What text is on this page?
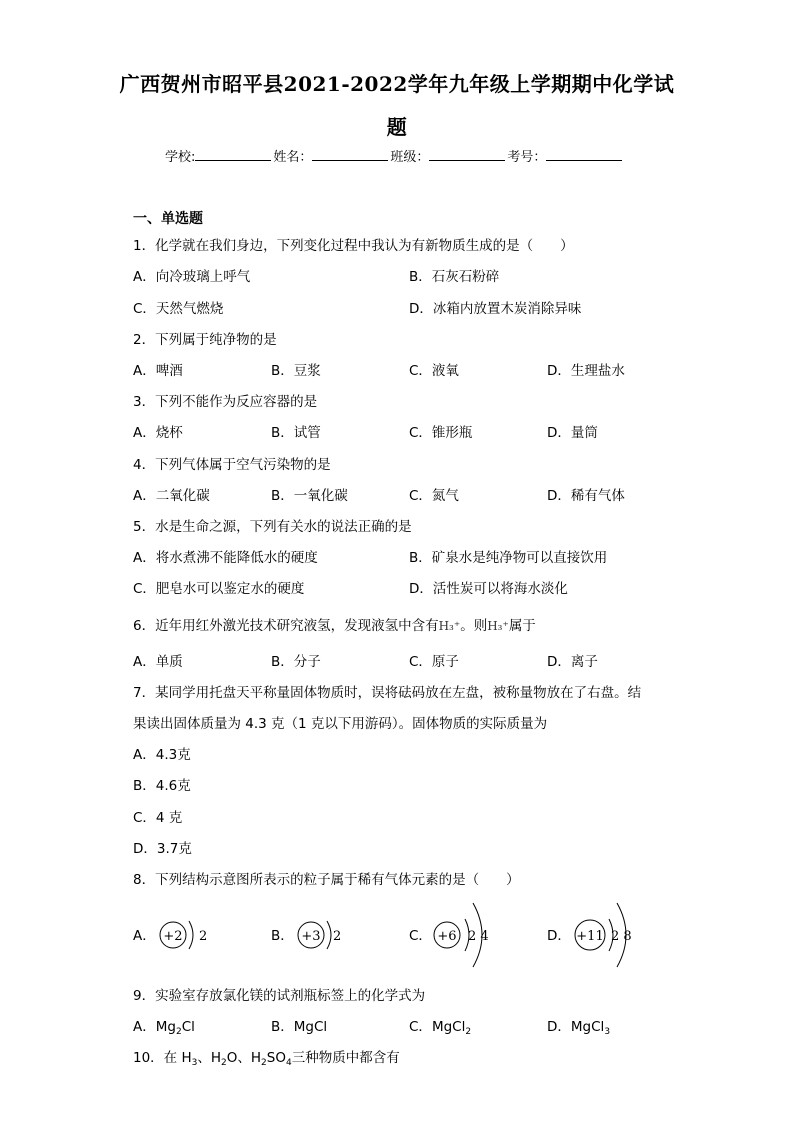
广西贺州市昭平县2021-2022学年九年级上学期期中化学试
题
学校:	姓名：	班级：	考号：
一、单选题
1．化学就在我们身边，下列变化过程中我认为有新物质生成的是（　　）
A．向冷玻璃上呼气	B．石灰石粉碎
C．天然气燃烧	D．冰箱内放置木炭消除异味
2．下列属于纯净物的是
A．啤酒	B．豆浆	C．液氧	D．生理盐水
3．下列不能作为反应容器的是
A．烧杯	B．试管	C．锥形瓶	D．量筒
4．下列气体属于空气污染物的是
A．二氧化碳	B．一氧化碳	C．氮气	D．稀有气体
5．水是生命之源，下列有关水的说法正确的是
A．将水煮沸不能降低水的硬度	B．矿泉水是纯净物可以直接饮用
C．肥皂水可以鉴定水的硬度	D．活性炭可以将海水淡化
6．近年用红外激光技术研究液氢，发现液氢中含有H₃⁺。则H₃⁺属于
A．单质	B．分子	C．原子	D．离子
7．某同学用托盘天平称量固体物质时，误将砝码放在左盘，被称量物放在了右盘。结
果读出固体质量为 4.3 克（1 克以下用游码）。固体物质的实际质量为
A．4.3克
B．4.6克
C．4 克
D．3.7克
8．下列结构示意图所表示的粒子属于稀有气体元素的是（　　）
A． +2 2	B． +3 2	C． +6 2 4	D． +11 2 8
9．实验室存放氯化镁的试剂瓶标签上的化学式为
A．$Mg_2Cl$	B．MgCl	C．MgCl$_2$	D．MgCl$_3$
10．在 $H_3$、$H_2O$、$H_2SO_4$三种物质中都含有
